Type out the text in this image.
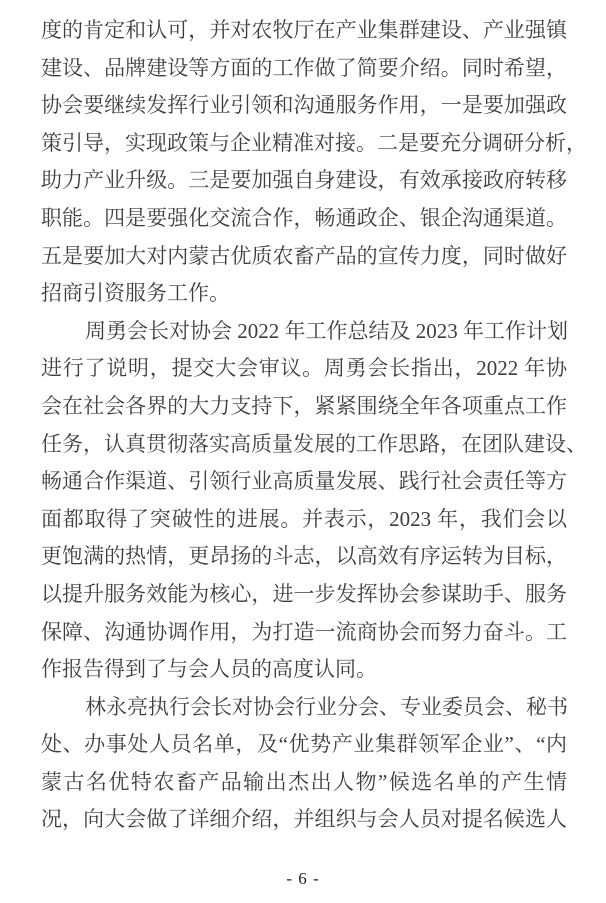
度的肯定和认可，并对农牧厅在产业集群建设、产业强镇
建设、品牌建设等方面的工作做了简要介绍。同时希望，
协会要继续发挥行业引领和沟通服务作用，一是要加强政
策引导，实现政策与企业精准对接。二是要充分调研分析，
助力产业升级。三是要加强自身建设，有效承接政府转移
职能。四是要强化交流合作，畅通政企、银企沟通渠道。
五是要加大对内蒙古优质农畜产品的宣传力度，同时做好
招商引资服务工作。
周勇会长对协会 2022 年工作总结及 2023 年工作计划
进行了说明，提交大会审议。周勇会长指出，2022 年协
会在社会各界的大力支持下，紧紧围绕全年各项重点工作
任务，认真贯彻落实高质量发展的工作思路，在团队建设、
畅通合作渠道、引领行业高质量发展、践行社会责任等方
面都取得了突破性的进展。并表示，2023 年，我们会以
更饱满的热情，更昂扬的斗志，以高效有序运转为目标，
以提升服务效能为核心，进一步发挥协会参谋助手、服务
保障、沟通协调作用，为打造一流商协会而努力奋斗。工
作报告得到了与会人员的高度认同。
林永亮执行会长对协会行业分会、专业委员会、秘书
处、办事处人员名单，及“优势产业集群领军企业”、“内
蒙古名优特农畜产品输出杰出人物”候选名单的产生情
况，向大会做了详细介绍，并组织与会人员对提名候选人
- 6 -
